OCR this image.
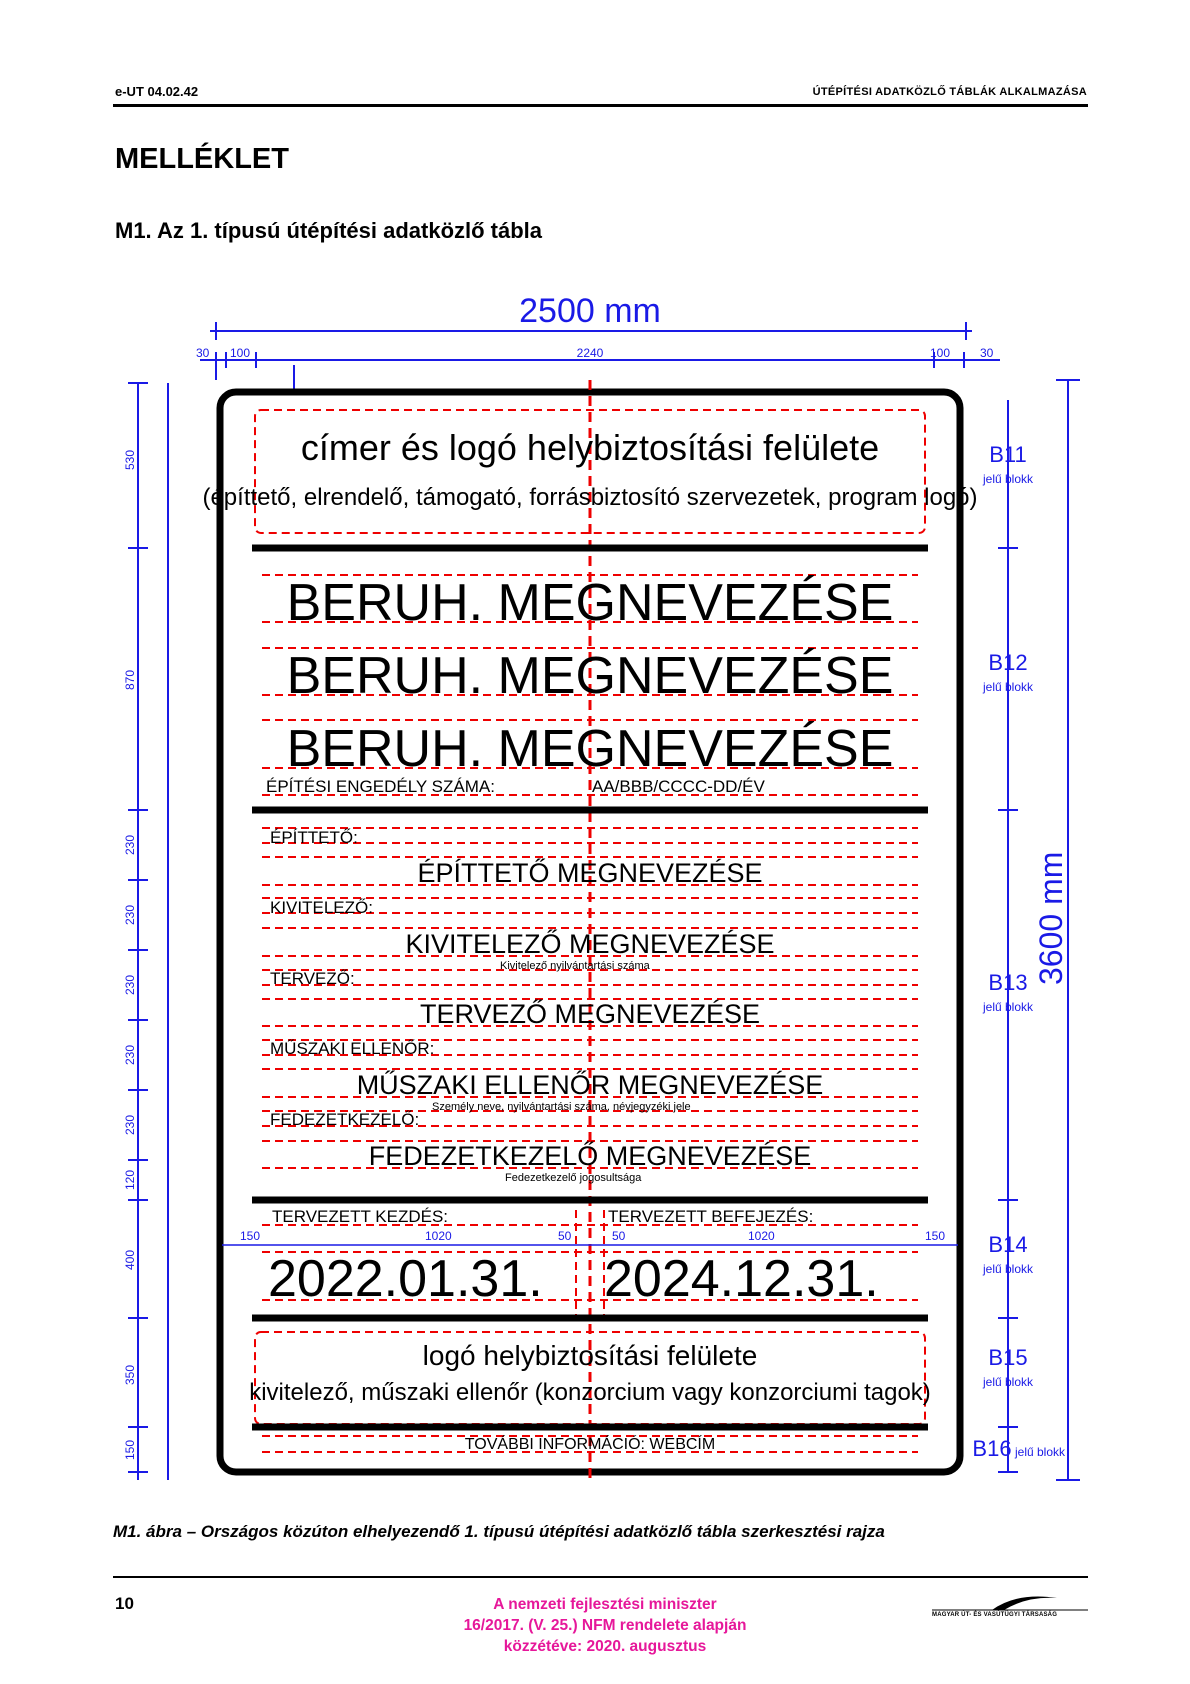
e-UT 04.02.42	ÚTÉPÍTÉSI ADATKÖZLŐ TÁBLÁK ALKALMAZÁSA
MELLÉKLET
M1. Az 1. típusú útépítési adatközlő tábla
2500 mm
30 100	2240	100 30
címer és logó helybiztosítási felülete
(építtető, elrendelő, támogató, forrásbiztosító szervezetek, program logó)
BERUH. MEGNEVEZÉSE
BERUH. MEGNEVEZÉSE
BERUH. MEGNEVEZÉSE
ÉPÍTÉSI ENGEDÉLY SZÁMA:	AA/BBB/CCCC-DD/ÉV
ÉPÍTTETŐ:
ÉPÍTTETŐ MEGNEVEZÉSE
KIVITELEZŐ:
KIVITELEZŐ MEGNEVEZÉSE
Kivitelező nyilvántartási száma
TERVEZŐ:
TERVEZŐ MEGNEVEZÉSE
MŰSZAKI ELLENŐR:
MŰSZAKI ELLENŐR MEGNEVEZÉSE
Személy neve, nyilvántartási száma, névjegyzéki jele
FEDEZETKEZELŐ:
FEDEZETKEZELŐ MEGNEVEZÉSE
Fedezetkezelő jogosultsága
TERVEZETT KEZDÉS:	TERVEZETT BEFEJEZÉS:
150	1020	50	50	1020	150
2022.01.31. 2024.12.31.
logó helybiztosítási felülete
kivitelező, műszaki ellenőr (konzorcium vagy konzorciumi tagok)
TOVÁBBI INFORMÁCIÓ: WEBCÍM
530
870
230
230
230
230
230
120
400
350
150
3600 mm
B11
jelű blokk
B12
jelű blokk
B13
jelű blokk
B14
jelű blokk
B15
jelű blokk
B16 jelű blokk
M1. ábra – Országos közúton elhelyezendő 1. típusú útépítési adatközlő tábla szerkesztési rajza
10	A nemzeti fejlesztési miniszter
16/2017. (V. 25.) NFM rendelete alapján
közzétéve: 2020. augusztus
MAGYAR ÚT- ÉS VASÚTÜGYI TÁRSASÁG
